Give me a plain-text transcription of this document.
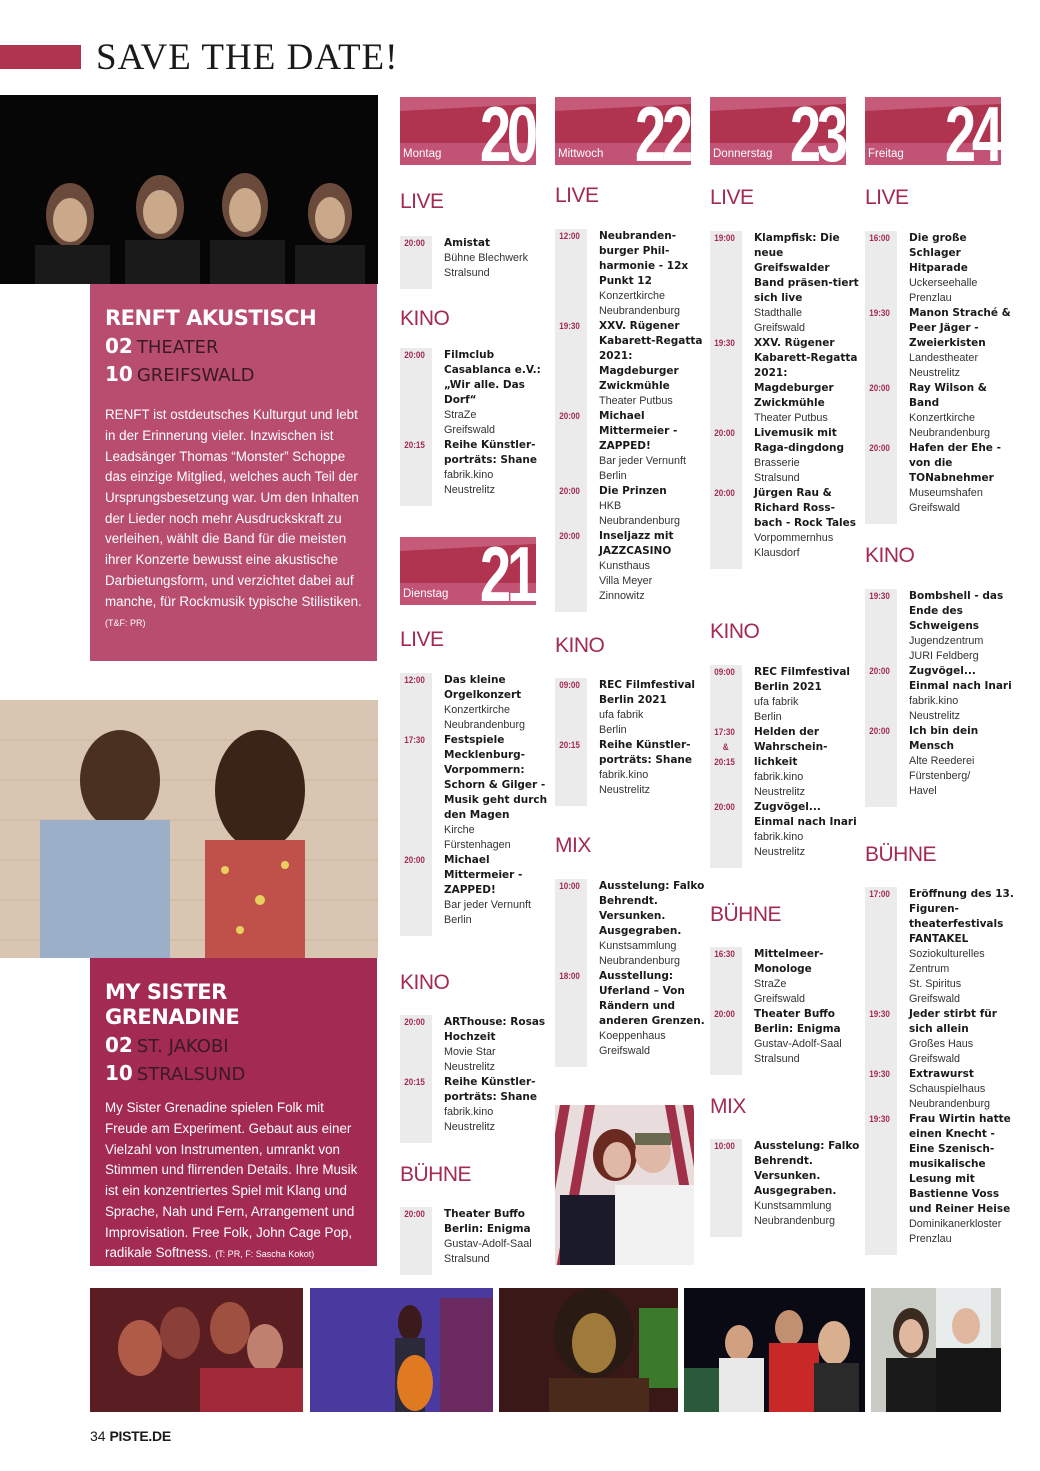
SAVE THE DATE!
RENFT AKUSTISCH
02 THEATER
10 GREIFSWALD

RENFT ist ostdeutsches Kulturgut und lebt in der Erinnerung vieler. Inzwischen ist Leadsänger Thomas “Monster” Schoppe das einzige Mitglied, welches auch Teil der Ursprungsbesetzung war. Um den Inhalten der Lieder noch mehr Ausdruckskraft zu verleihen, wählt die Band für die meisten ihrer Konzerte bewusst eine akustische Darbietungsform, und verzichtet dabei auf manche, für Rockmusik typische Stilistiken. (T&F: PR)

MY SISTER GRENADINE
02 ST. JAKOBI
10 STRALSUND

My Sister Grenadine spielen Folk mit Freude am Experiment. Gebaut aus einer Vielzahl von Instrumenten, umrankt von Stimmen und flirrenden Details. Ihre Musik ist ein konzentriertes Spiel mit Klang und Sprache, Nah und Fern, Arrangement und Improvisation. Free Folk, John Cage Pop, radikale Softness. (T: PR, F: Sascha Kokot)

Montag 20
Dienstag 21
Mittwoch 22 Donnerstag 23 Freitag 24
LIVE
20:00	Amistat
Bühne Blechwerk
Stralsund
KINO
20:00	Filmclub Casablanca e.V.: „Wir alle. Das Dorf“
StraZe
Greifswald
20:15	Reihe Künstler-porträts: Shane
fabrik.kino
Neustrelitz
LIVE
12:00	Das kleine Orgelkonzert
Konzertkirche
Neubrandenburg
17:30	Festspiele Mecklenburg-Vorpommern: Schorn & Gilger - Musik geht durch den Magen
Kirche
Fürstenhagen
20:00	Michael Mittermeier - ZAPPED!
Bar jeder Vernunft
Berlin
KINO
20:00	ARThouse: Rosas Hochzeit
Movie Star
Neustrelitz
20:15	Reihe Künstler-porträts: Shane
fabrik.kino
Neustrelitz
BÜHNE
20:00	Theater Buffo Berlin: Enigma
Gustav-Adolf-Saal
Stralsund
LIVE
12:00	Neubranden-burger Phil-harmonie - 12x Punkt 12
Konzertkirche
Neubrandenburg
19:30	XXV. Rügener Kabarett-Regatta 2021: Magdeburger Zwickmühle
Theater Putbus
20:00	Michael Mittermeier - ZAPPED!
Bar jeder Vernunft
Berlin
20:00	Die Prinzen
HKB
Neubrandenburg
20:00	Inseljazz mit JAZZCASINO
Kunsthaus
Villa Meyer
Zinnowitz
KINO
09:00	REC Filmfestival Berlin 2021
ufa fabrik
Berlin
20:15	Reihe Künstler-porträts: Shane
fabrik.kino
Neustrelitz
MIX
10:00	Ausstelung: Falko Behrendt. Versunken. Ausgegraben.
Kunstsammlung
Neubrandenburg
18:00	Ausstellung: Uferland – Von Rändern und anderen Grenzen.
Koeppenhaus
Greifswald
LIVE
19:00	Klampfisk: Die neue Greifswalder Band präsen-tiert sich live
Stadthalle
Greifswald
19:30	XXV. Rügener Kabarett-Regatta 2021: Magdeburger Zwickmühle
Theater Putbus
20:00	Livemusik mit Raga-dingdong
Brasserie
Stralsund
20:00	Jürgen Rau & Richard Ross-bach - Rock Tales
Vorpommernhus
Klausdorf
KINO
09:00	REC Filmfestival Berlin 2021
ufa fabrik
Berlin
17:30
&
20:15
Helden der Wahrschein-lichkeit
fabrik.kino
Neustrelitz
20:00	Zugvögel... Einmal nach Inari
fabrik.kino
Neustrelitz
BÜHNE
16:30	Mittelmeer-Monologe
StraZe
Greifswald
20:00	Theater Buffo Berlin: Enigma
Gustav-Adolf-Saal
Stralsund
MIX
10:00	Ausstelung: Falko Behrendt. Versunken. Ausgegraben.
Kunstsammlung
Neubrandenburg
LIVE
16:00	Die große Schlager Hitparade
Uckerseehalle
Prenzlau
19:30	Manon Straché & Peer Jäger - Zweierkisten
Landestheater
Neustrelitz
20:00	Ray Wilson & Band
Konzertkirche
Neubrandenburg
20:00	Hafen der Ehe - von die TONabnehmer
Museumshafen
Greifswald
KINO
19:30	Bombshell - das Ende des Schweigens
Jugendzentrum
JURI Feldberg
20:00	Zugvögel... Einmal nach Inari
fabrik.kino
Neustrelitz
20:00	Ich bin dein Mensch
Alte Reederei
Fürstenberg/
Havel
BÜHNE
17:00	Eröffnung des 13. Figuren-theaterfestivals FANTAKEL
Soziokulturelles
Zentrum
St. Spiritus
Greifswald
19:30	Jeder stirbt für sich allein
Großes Haus
Greifswald
19:30	Extrawurst
Schauspielhaus
Neubrandenburg
19:30	Frau Wirtin hatte einen Knecht - Eine Szenisch-musikalische Lesung mit Bastienne Voss und Reiner Heise
Dominikanerkloster
Prenzlau
34 PISTE.DE
